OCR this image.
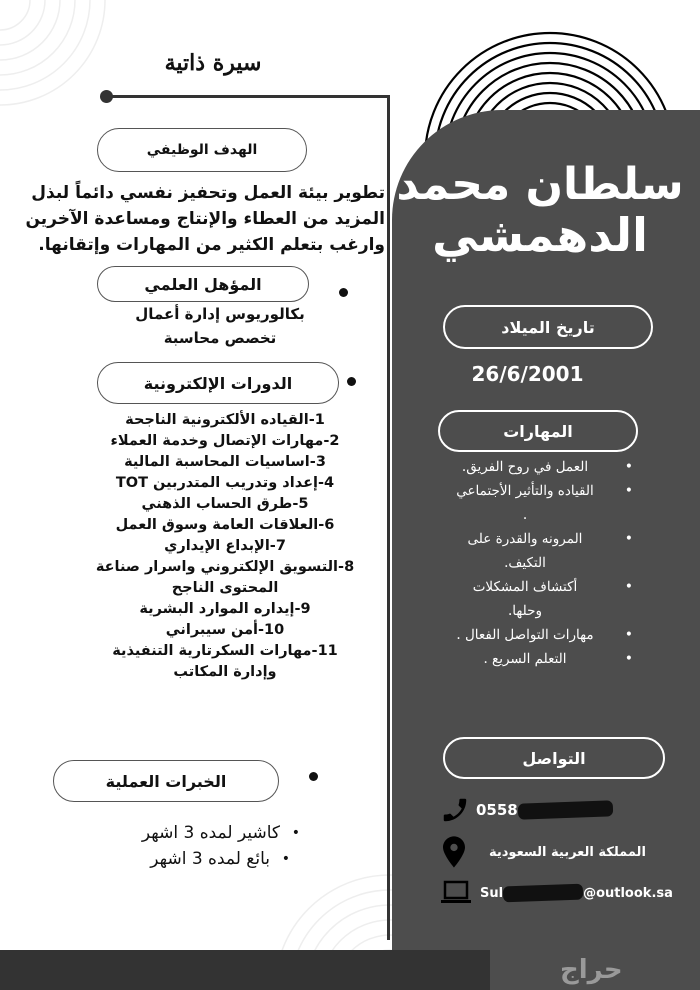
سيرة ذاتية
الهدف الوظيفي
تطوير بيئة العمل وتحفيز نفسي دائماً لبذل المزيد من العطاء والإنتاج ومساعدة الآخرين وارغب بتعلم الكثير من المهارات وإتقانها.
المؤهل العلمي
بكالوريوس إدارة أعمال
تخصص محاسبة
الدورات الإلكترونية
1-القياده الألكترونية الناجحة
2-مهارات الإتصال وخدمة العملاء
3-اساسيات المحاسبة المالية
4-إعداد وتدريب المتدربين TOT
5-طرق الحساب الذهني
6-العلاقات العامة وسوق العمل
7-الإبداع الإيداري
8-التسويق الإلكتروني واسرار صناعة المحتوى الناجح
9-إيداره الموارد البشرية
10-أمن سيبراني
11-مهارات السكرتارية التنفيذية وإدارة المكاتب
الخبرات العملية
• كاشير لمده 3 اشهر
• بائع لمده 3 اشهر
سلطان محمد
الدهمشي
تاريخ الميلاد
26/6/2001
المهارات
• العمل في روح الفريق.
• القياده والتأثير الأجتماعي .
• المرونه والقدرة على التكيف.
• أكتشاف المشكلات وحلها.
• مهارات التواصل الفعال .
• التعلم السريع .
التواصل
0558
المملكة العربية السعودية
Sul	@outlook.sa
حراج
